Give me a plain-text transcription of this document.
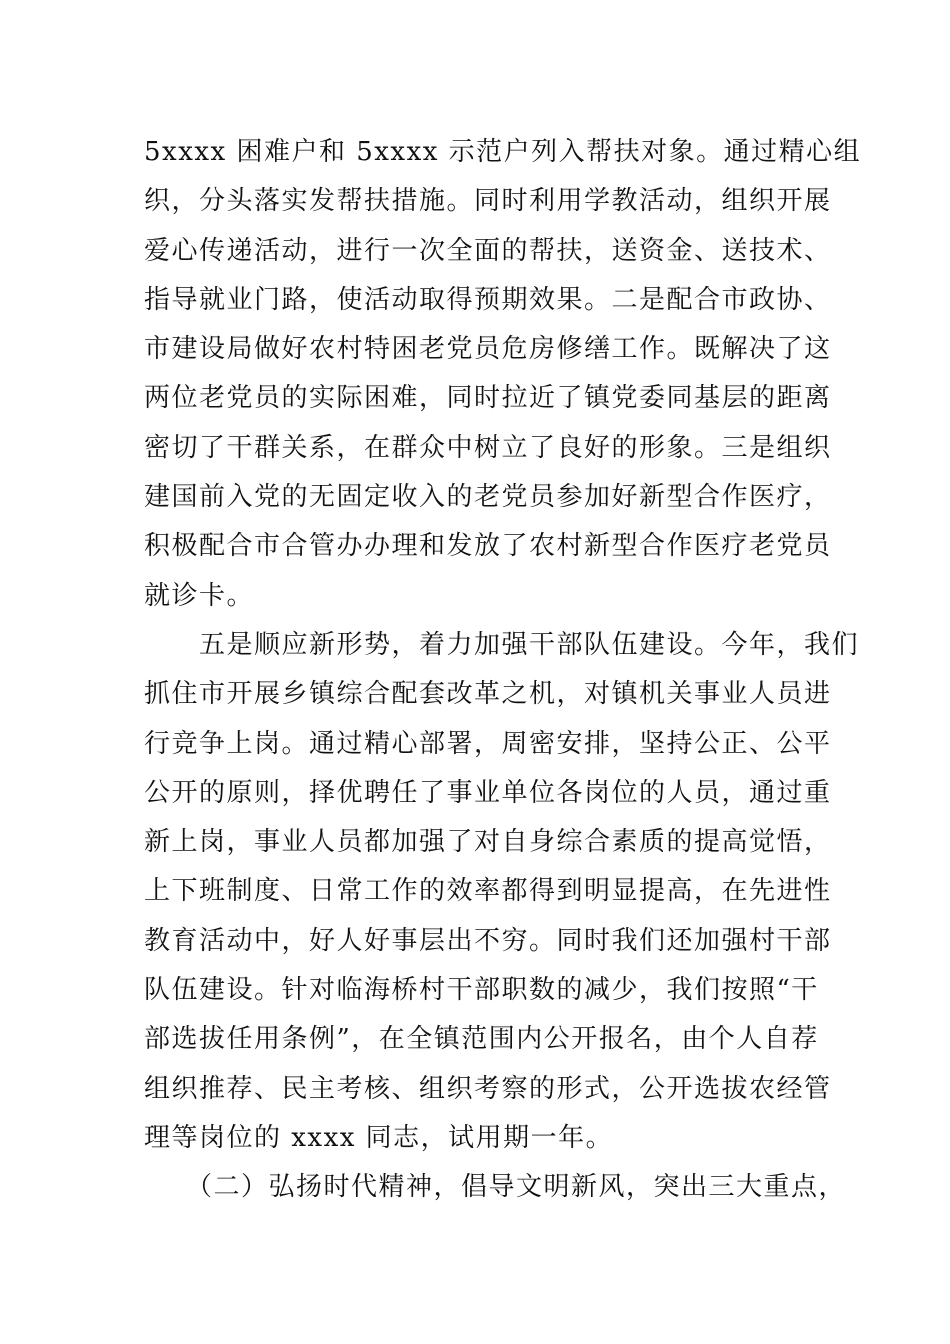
5xxxx 困难户和 5xxxx 示范户列入帮扶对象。通过精心组
织，分头落实发帮扶措施。同时利用学教活动，组织开展
爱心传递活动，进行一次全面的帮扶，送资金、送技术、
指导就业门路，使活动取得预期效果。二是配合市政协、
市建设局做好农村特困老党员危房修缮工作。既解决了这
两位老党员的实际困难，同时拉近了镇党委同基层的距离
密切了干群关系，在群众中树立了良好的形象。三是组织
建国前入党的无固定收入的老党员参加好新型合作医疗，
积极配合市合管办办理和发放了农村新型合作医疗老党员
就诊卡。
　　五是顺应新形势，着力加强干部队伍建设。今年，我们
抓住市开展乡镇综合配套改革之机，对镇机关事业人员进
行竞争上岗。通过精心部署，周密安排，坚持公正、公平
公开的原则，择优聘任了事业单位各岗位的人员，通过重
新上岗，事业人员都加强了对自身综合素质的提高觉悟，
上下班制度、日常工作的效率都得到明显提高，在先进性
教育活动中，好人好事层出不穷。同时我们还加强村干部
队伍建设。针对临海桥村干部职数的减少，我们按照“干
部选拔任用条例”，在全镇范围内公开报名，由个人自荐
组织推荐、民主考核、组织考察的形式，公开选拔农经管
理等岗位的 xxxx 同志，试用期一年。
　　（二）弘扬时代精神，倡导文明新风，突出三大重点，
